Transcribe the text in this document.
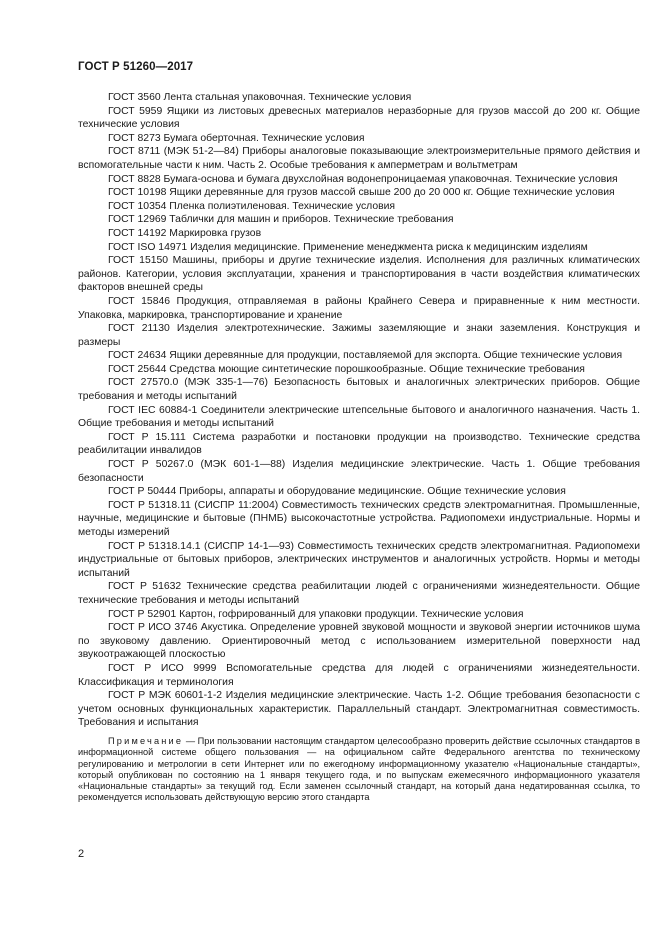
ГОСТ Р 51260—2017

ГОСТ 3560 Лента стальная упаковочная. Технические условия

ГОСТ 5959 Ящики из листовых древесных материалов неразборные для грузов массой до 200 кг. Общие технические условия

ГОСТ 8273 Бумага оберточная. Технические условия

ГОСТ 8711 (МЭК 51-2—84) Приборы аналоговые показывающие электроизмерительные прямого действия и вспомогательные части к ним. Часть 2. Особые требования к амперметрам и вольтметрам

ГОСТ 8828 Бумага-основа и бумага двухслойная водонепроницаемая упаковочная. Технические условия

ГОСТ 10198 Ящики деревянные для грузов массой свыше 200 до 20 000 кг. Общие технические условия

ГОСТ 10354 Пленка полиэтиленовая. Технические условия

ГОСТ 12969 Таблички для машин и приборов. Технические требования

ГОСТ 14192 Маркировка грузов

ГОСТ ISO 14971 Изделия медицинские. Применение менеджмента риска к медицинским изделиям

ГОСТ 15150 Машины, приборы и другие технические изделия. Исполнения для различных климатических районов. Категории, условия эксплуатации, хранения и транспортирования в части воздействия климатических факторов внешней среды

ГОСТ 15846 Продукция, отправляемая в районы Крайнего Севера и приравненные к ним местности. Упаковка, маркировка, транспортирование и хранение

ГОСТ 21130 Изделия электротехнические. Зажимы заземляющие и знаки заземления. Конструкция и размеры

ГОСТ 24634 Ящики деревянные для продукции, поставляемой для экспорта. Общие технические условия

ГОСТ 25644 Средства моющие синтетические порошкообразные. Общие технические требования

ГОСТ 27570.0 (МЭК 335-1—76) Безопасность бытовых и аналогичных электрических приборов. Общие требования и методы испытаний

ГОСТ IEC 60884-1 Соединители электрические штепсельные бытового и аналогичного назначения. Часть 1. Общие требования и методы испытаний

ГОСТ Р 15.111 Система разработки и постановки продукции на производство. Технические средства реабилитации инвалидов

ГОСТ Р 50267.0 (МЭК 601-1—88) Изделия медицинские электрические. Часть 1. Общие требования безопасности

ГОСТ Р 50444 Приборы, аппараты и оборудование медицинские. Общие технические условия

ГОСТ Р 51318.11 (СИСПР 11:2004) Совместимость технических средств электромагнитная. Промышленные, научные, медицинские и бытовые (ПНМБ) высокочастотные устройства. Радиопомехи индустриальные. Нормы и методы измерений

ГОСТ Р 51318.14.1 (СИСПР 14-1—93) Совместимость технических средств электромагнитная. Радиопомехи индустриальные от бытовых приборов, электрических инструментов и аналогичных устройств. Нормы и методы испытаний

ГОСТ Р 51632 Технические средства реабилитации людей с ограничениями жизнедеятельности. Общие технические требования и методы испытаний

ГОСТ Р 52901 Картон, гофрированный для упаковки продукции. Технические условия

ГОСТ Р ИСО 3746 Акустика. Определение уровней звуковой мощности и звуковой энергии источников шума по звуковому давлению. Ориентировочный метод с использованием измерительной поверхности над звукоотражающей плоскостью

ГОСТ Р ИСО 9999 Вспомогательные средства для людей с ограничениями жизнедеятельности. Классификация и терминология

ГОСТ Р МЭК 60601-1-2 Изделия медицинские электрические. Часть 1-2. Общие требования безопасности с учетом основных функциональных характеристик. Параллельный стандарт. Электромагнитная совместимость. Требования и испытания

Примечание — При пользовании настоящим стандартом целесообразно проверить действие ссылочных стандартов в информационной системе общего пользования — на официальном сайте Федерального агентства по техническому регулированию и метрологии в сети Интернет или по ежегодному информационному указателю «Национальные стандарты», который опубликован по состоянию на 1 января текущего года, и по выпускам ежемесячного информационного указателя «Национальные стандарты» за текущий год. Если заменен ссылочный стандарт, на который дана недатированная ссылка, то рекомендуется использовать действующую версию этого стандарта

2
